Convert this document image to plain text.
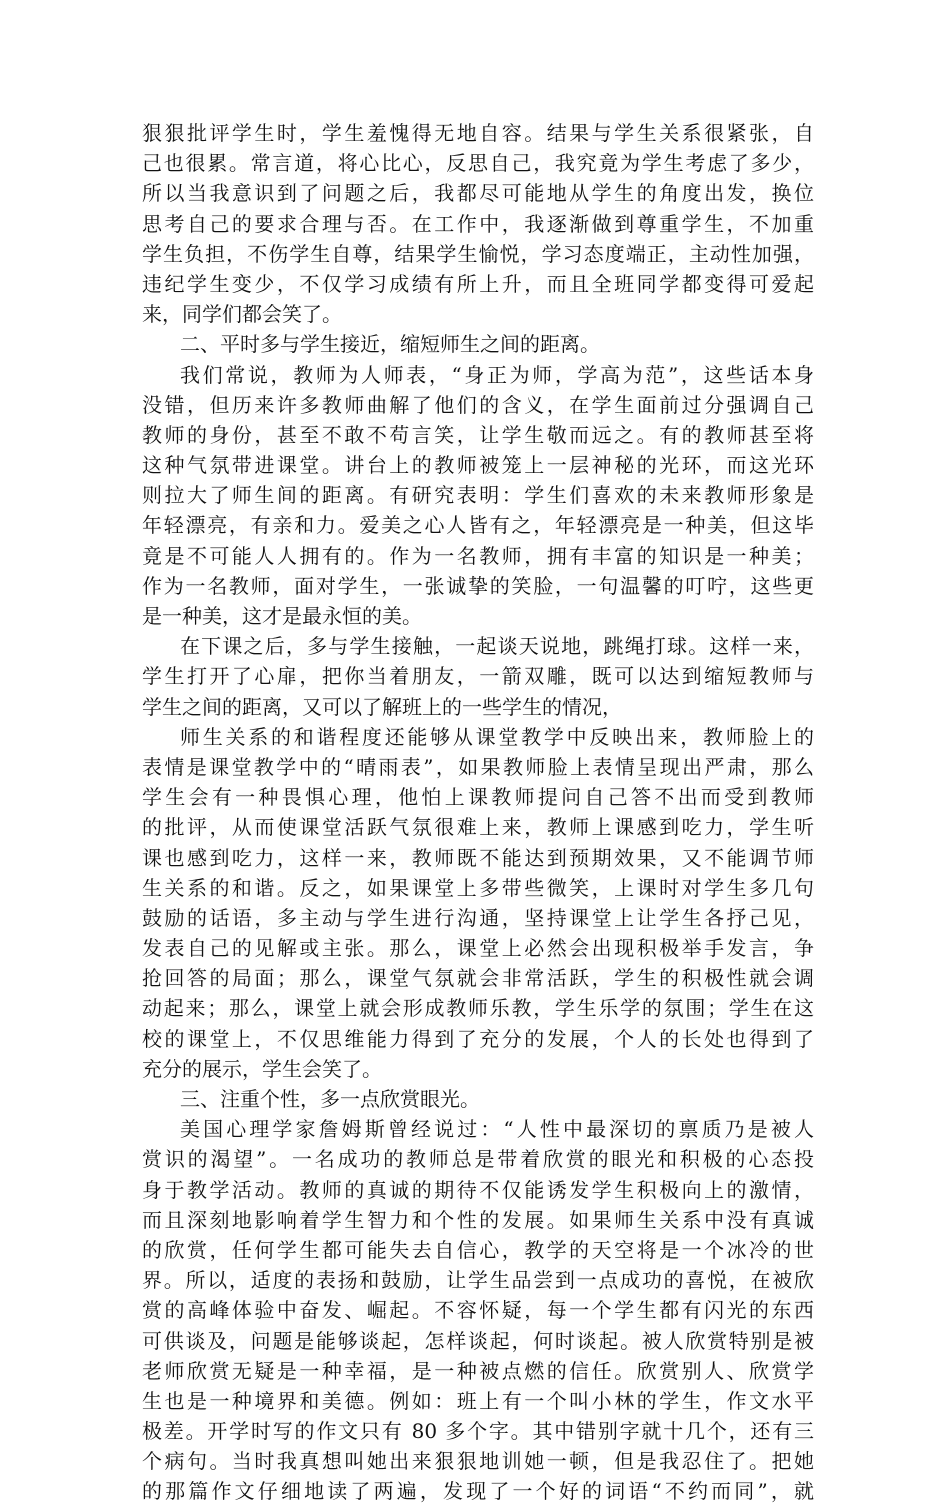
狠狠批评学生时，学生羞愧得无地自容。结果与学生关系很紧张，自
己也很累。常言道，将心比心，反思自己，我究竟为学生考虑了多少，
所以当我意识到了问题之后，我都尽可能地从学生的角度出发，换位
思考自己的要求合理与否。在工作中，我逐渐做到尊重学生，不加重
学生负担，不伤学生自尊，结果学生愉悦，学习态度端正，主动性加强，
违纪学生变少，不仅学习成绩有所上升，而且全班同学都变得可爱起
来，同学们都会笑了。
二、平时多与学生接近，缩短师生之间的距离。
我们常说，教师为人师表，“身正为师，学高为范”，这些话本身
没错，但历来许多教师曲解了他们的含义，在学生面前过分强调自己
教师的身份，甚至不敢不苟言笑，让学生敬而远之。有的教师甚至将
这种气氛带进课堂。讲台上的教师被笼上一层神秘的光环，而这光环
则拉大了师生间的距离。有研究表明：学生们喜欢的未来教师形象是
年轻漂亮，有亲和力。爱美之心人皆有之，年轻漂亮是一种美，但这毕
竟是不可能人人拥有的。作为一名教师，拥有丰富的知识是一种美；
作为一名教师，面对学生，一张诚挚的笑脸，一句温馨的叮咛，这些更
是一种美，这才是最永恒的美。
在下课之后，多与学生接触，一起谈天说地，跳绳打球。这样一来，
学生打开了心扉，把你当着朋友，一箭双雕，既可以达到缩短教师与
学生之间的距离，又可以了解班上的一些学生的情况，
师生关系的和谐程度还能够从课堂教学中反映出来，教师脸上的
表情是课堂教学中的“晴雨表”，如果教师脸上表情呈现出严肃，那么
学生会有一种畏惧心理，他怕上课教师提问自己答不出而受到教师
的批评，从而使课堂活跃气氛很难上来，教师上课感到吃力，学生听
课也感到吃力，这样一来，教师既不能达到预期效果，又不能调节师
生关系的和谐。反之，如果课堂上多带些微笑，上课时对学生多几句
鼓励的话语，多主动与学生进行沟通，坚持课堂上让学生各抒己见，
发表自己的见解或主张。那么，课堂上必然会出现积极举手发言，争
抢回答的局面；那么，课堂气氛就会非常活跃，学生的积极性就会调
动起来；那么，课堂上就会形成教师乐教，学生乐学的氛围；学生在这
校的课堂上，不仅思维能力得到了充分的发展，个人的长处也得到了
充分的展示，学生会笑了。
三、注重个性，多一点欣赏眼光。
美国心理学家詹姆斯曾经说过：“人性中最深切的禀质乃是被人
赏识的渴望”。一名成功的教师总是带着欣赏的眼光和积极的心态投
身于教学活动。教师的真诚的期待不仅能诱发学生积极向上的激情，
而且深刻地影响着学生智力和个性的发展。如果师生关系中没有真诚
的欣赏，任何学生都可能失去自信心，教学的天空将是一个冰冷的世
界。所以，适度的表扬和鼓励，让学生品尝到一点成功的喜悦，在被欣
赏的高峰体验中奋发、崛起。不容怀疑，每一个学生都有闪光的东西
可供谈及，问题是能够谈起，怎样谈起，何时谈起。被人欣赏特别是被
老师欣赏无疑是一种幸福，是一种被点燃的信任。欣赏别人、欣赏学
生也是一种境界和美德。例如：班上有一个叫小林的学生，作文水平
极差。开学时写的作文只有 80 多个字。其中错别字就十几个，还有三
个病句。当时我真想叫她出来狠狠地训她一顿，但是我忍住了。把她
的那篇作文仔细地读了两遍，发现了一个好的词语“不约而同”，就
